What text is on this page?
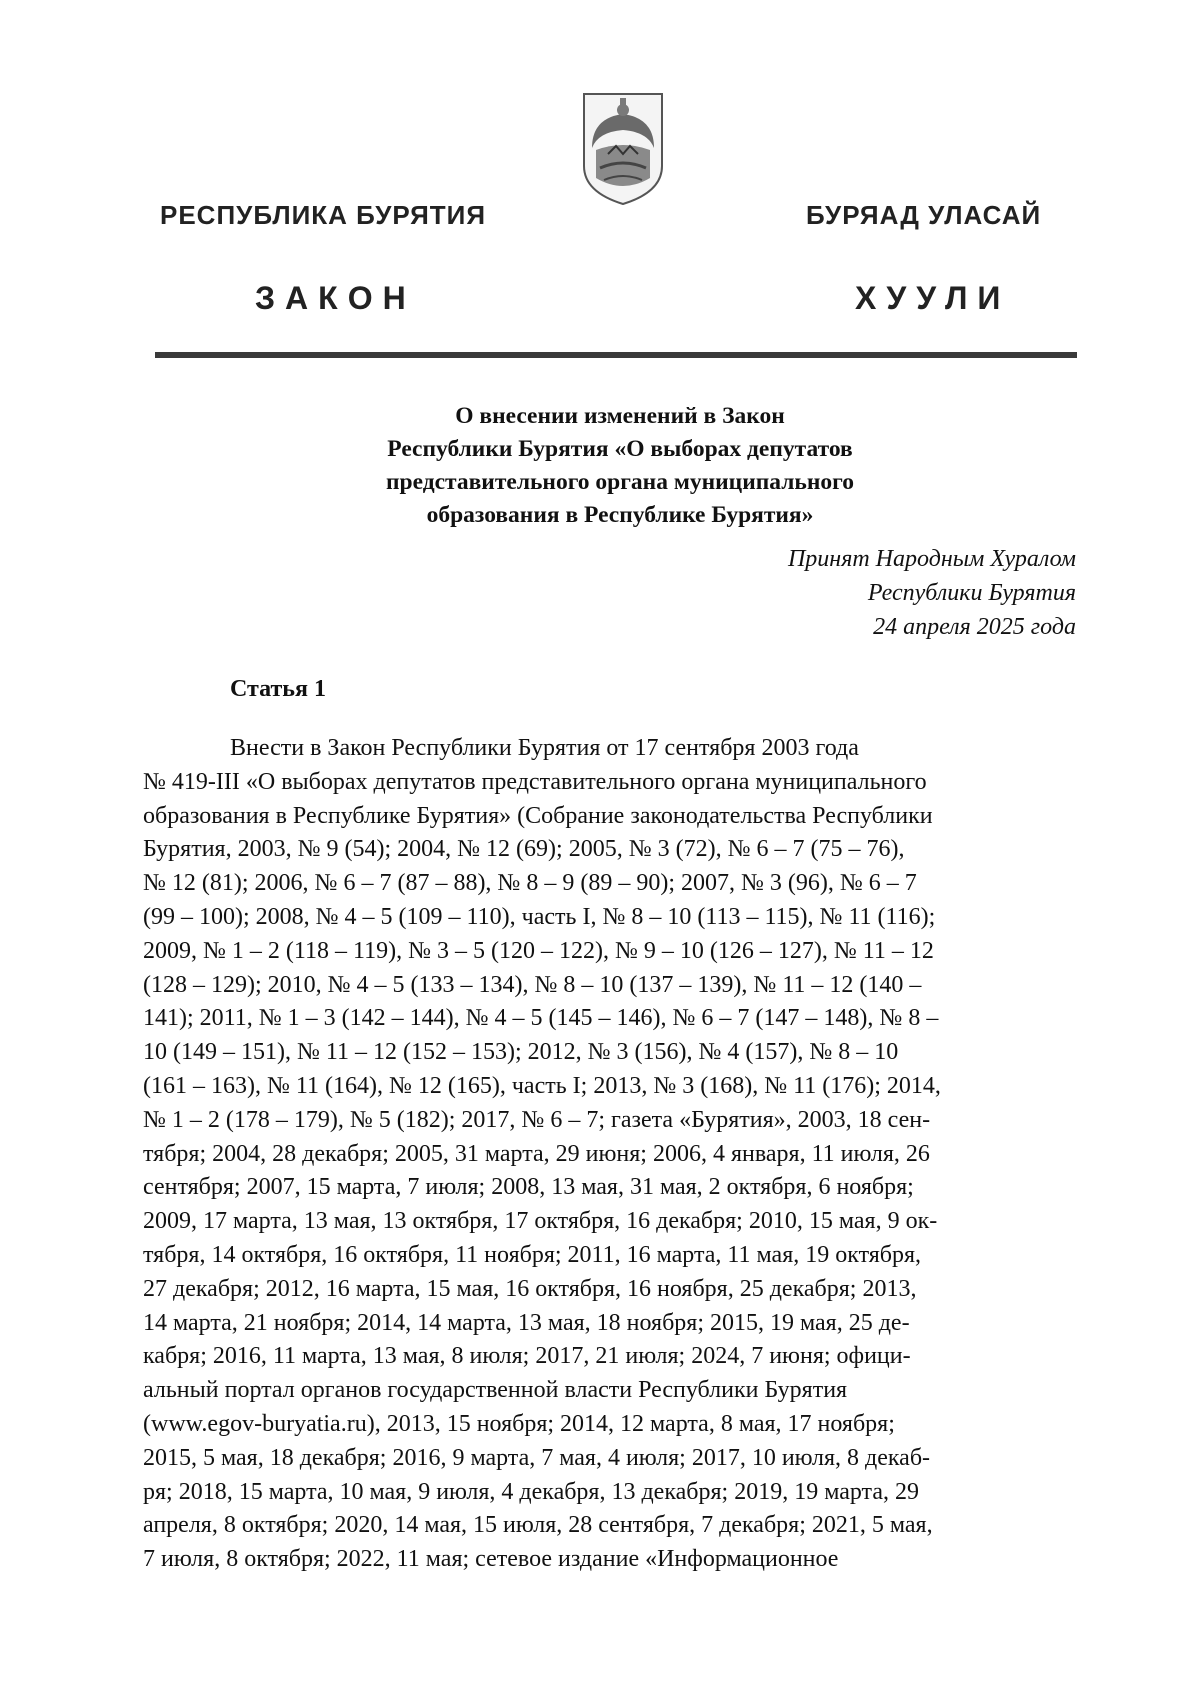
РЕСПУБЛИКА БУРЯТИЯ	БУРЯАД УЛАСАЙ
ЗАКОН	ХУУЛИ
О внесении изменений в Закон
Республики Бурятия «О выборах депутатов
представительного органа муниципального
образования в Республике Бурятия»
Принят Народным Хуралом
Республики Бурятия
24 апреля 2025 года
Статья 1
Внести в Закон Республики Бурятия от 17 сентября 2003 года
№ 419-III «О выборах депутатов представительного органа муниципального
образования в Республике Бурятия» (Собрание законодательства Республики
Бурятия, 2003, № 9 (54); 2004, № 12 (69); 2005, № 3 (72), № 6 – 7 (75 – 76),
№ 12 (81); 2006, № 6 – 7 (87 – 88), № 8 – 9 (89 – 90); 2007, № 3 (96), № 6 – 7
(99 – 100); 2008, № 4 – 5 (109 – 110), часть I, № 8 – 10 (113 – 115), № 11 (116);
2009, № 1 – 2 (118 – 119), № 3 – 5 (120 – 122), № 9 – 10 (126 – 127), № 11 – 12
(128 – 129); 2010, № 4 – 5 (133 – 134), № 8 – 10 (137 – 139), № 11 – 12 (140 –
141); 2011, № 1 – 3 (142 – 144), № 4 – 5 (145 – 146), № 6 – 7 (147 – 148), № 8 –
10 (149 – 151), № 11 – 12 (152 – 153); 2012, № 3 (156), № 4 (157), № 8 – 10
(161 – 163), № 11 (164), № 12 (165), часть I; 2013, № 3 (168), № 11 (176); 2014,
№ 1 – 2 (178 – 179), № 5 (182); 2017, № 6 – 7; газета «Бурятия», 2003, 18 сен-
тября; 2004, 28 декабря; 2005, 31 марта, 29 июня; 2006, 4 января, 11 июля, 26
сентября; 2007, 15 марта, 7 июля; 2008, 13 мая, 31 мая, 2 октября, 6 ноября;
2009, 17 марта, 13 мая, 13 октября, 17 октября, 16 декабря; 2010, 15 мая, 9 ок-
тября, 14 октября, 16 октября, 11 ноября; 2011, 16 марта, 11 мая, 19 октября,
27 декабря; 2012, 16 марта, 15 мая, 16 октября, 16 ноября, 25 декабря; 2013,
14 марта, 21 ноября; 2014, 14 марта, 13 мая, 18 ноября; 2015, 19 мая, 25 де-
кабря; 2016, 11 марта, 13 мая, 8 июля; 2017, 21 июля; 2024, 7 июня; офици-
альный портал органов государственной власти Республики Бурятия
(www.egov-buryatia.ru), 2013, 15 ноября; 2014, 12 марта, 8 мая, 17 ноября;
2015, 5 мая, 18 декабря; 2016, 9 марта, 7 мая, 4 июля; 2017, 10 июля, 8 декаб-
ря; 2018, 15 марта, 10 мая, 9 июля, 4 декабря, 13 декабря; 2019, 19 марта, 29
апреля, 8 октября; 2020, 14 мая, 15 июля, 28 сентября, 7 декабря; 2021, 5 мая,
7 июля, 8 октября; 2022, 11 мая; сетевое издание «Информационное
